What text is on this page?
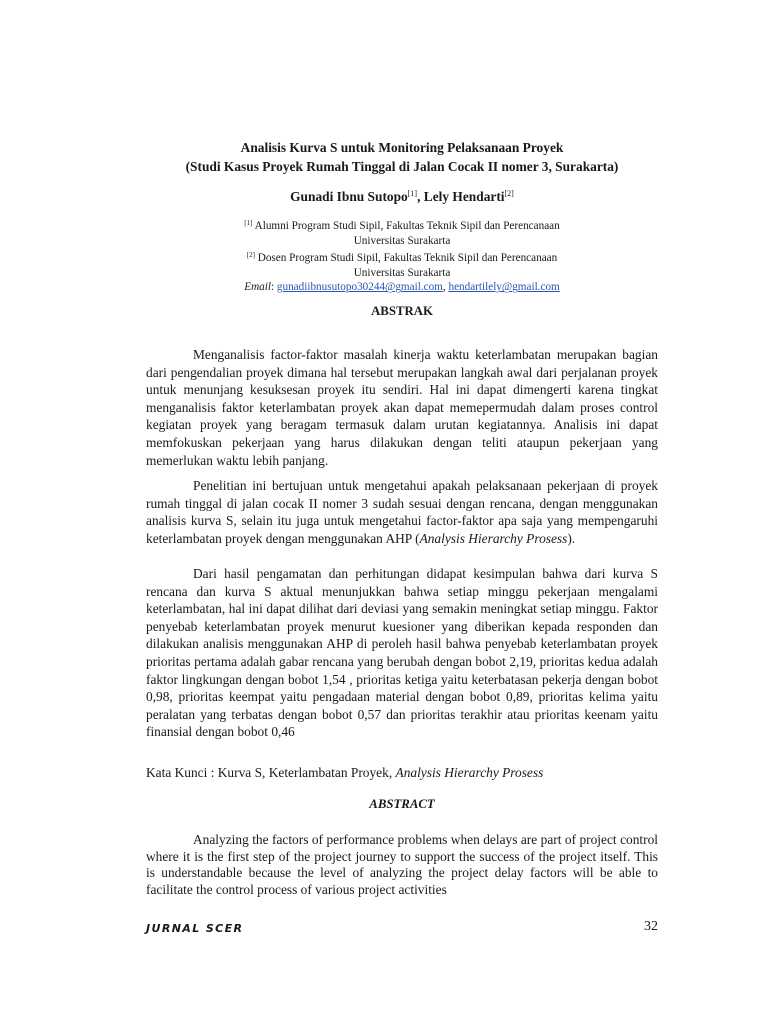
Analisis Kurva S untuk Monitoring Pelaksanaan Proyek
(Studi Kasus Proyek Rumah Tinggal di Jalan Cocak II nomer 3, Surakarta)
Gunadi Ibnu Sutopo[1], Lely Hendarti[2]
[1] Alumni Program Studi Sipil, Fakultas Teknik Sipil dan Perencanaan
Universitas Surakarta
[2] Dosen Program Studi Sipil, Fakultas Teknik Sipil dan Perencanaan
Universitas Surakarta
Email: gunadiibnusutopo30244@gmail.com, hendartilely@gmail.com
ABSTRAK

Menganalisis factor-faktor masalah kinerja waktu keterlambatan merupakan bagian dari pengendalian proyek dimana hal tersebut merupakan langkah awal dari perjalanan proyek untuk menunjang kesuksesan proyek itu sendiri. Hal ini dapat dimengerti karena tingkat menganalisis faktor keterlambatan proyek akan dapat memepermudah dalam proses control kegiatan proyek yang beragam termasuk dalam urutan kegiatannya. Analisis ini dapat memfokuskan pekerjaan yang harus dilakukan dengan teliti ataupun pekerjaan yang memerlukan waktu lebih panjang.

Penelitian ini bertujuan untuk mengetahui apakah pelaksanaan pekerjaan di proyek rumah tinggal di jalan cocak II nomer 3 sudah sesuai dengan rencana, dengan menggunakan analisis kurva S, selain itu juga untuk mengetahui factor-faktor apa saja yang mempengaruhi keterlambatan proyek dengan menggunakan AHP (Analysis Hierarchy Prosess).

Dari hasil pengamatan dan perhitungan didapat kesimpulan bahwa dari kurva S rencana dan kurva S aktual menunjukkan bahwa setiap minggu pekerjaan mengalami keterlambatan, hal ini dapat dilihat dari deviasi yang semakin meningkat setiap minggu. Faktor penyebab keterlambatan proyek menurut kuesioner yang diberikan kepada responden dan dilakukan analisis menggunakan AHP di peroleh hasil bahwa penyebab keterlambatan proyek prioritas pertama adalah gabar rencana yang berubah dengan bobot 2,19, prioritas kedua adalah faktor lingkungan dengan bobot 1,54 , prioritas ketiga yaitu keterbatasan pekerja dengan bobot 0,98, prioritas keempat yaitu pengadaan material dengan bobot 0,89, prioritas kelima yaitu peralatan yang terbatas dengan bobot 0,57 dan prioritas terakhir atau prioritas keenam yaitu finansial dengan bobot 0,46

Kata Kunci : Kurva S, Keterlambatan Proyek, Analysis Hierarchy Prosess

ABSTRACT

Analyzing the factors of performance problems when delays are part of project control where it is the first step of the project journey to support the success of the project itself. This is understandable because the level of analyzing the project delay factors will be able to facilitate the control process of various project activities

JURNAL SCER	32
